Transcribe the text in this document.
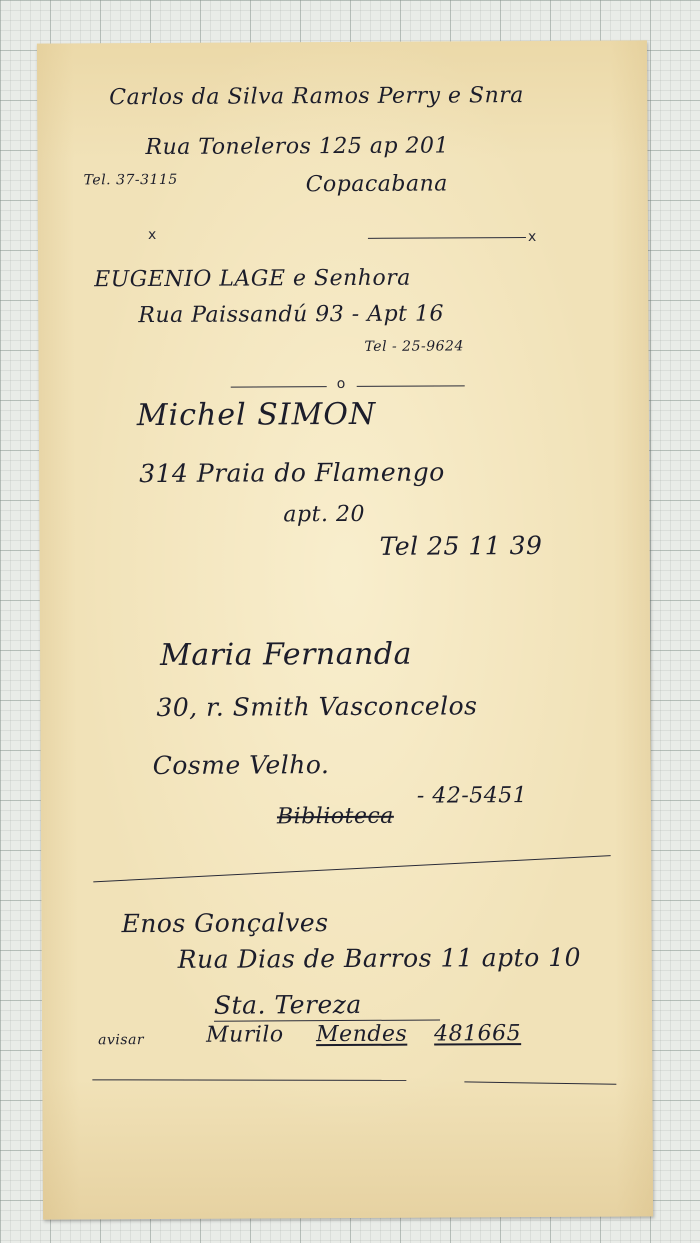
Carlos da Silva Ramos Perry e Snra
Rua Toneleros 125 ap 201
Tel. 37-3115	Copacabana
x	x
EUGENIO LAGE e Senhora
Rua Paissandú 93 - Apt 16
Tel - 25-9624
o
Michel SIMON
314 Praia do Flamengo
apt. 20
Tel 25 11 39
Maria Fernanda
30, r. Smith Vasconcelos
Cosme Velho.
Biblioteca
- 42-5451
Enos Gonçalves
Rua Dias de Barros 11 apto 10
Sta. Tereza
avisar	Murilo Mendes 481665
